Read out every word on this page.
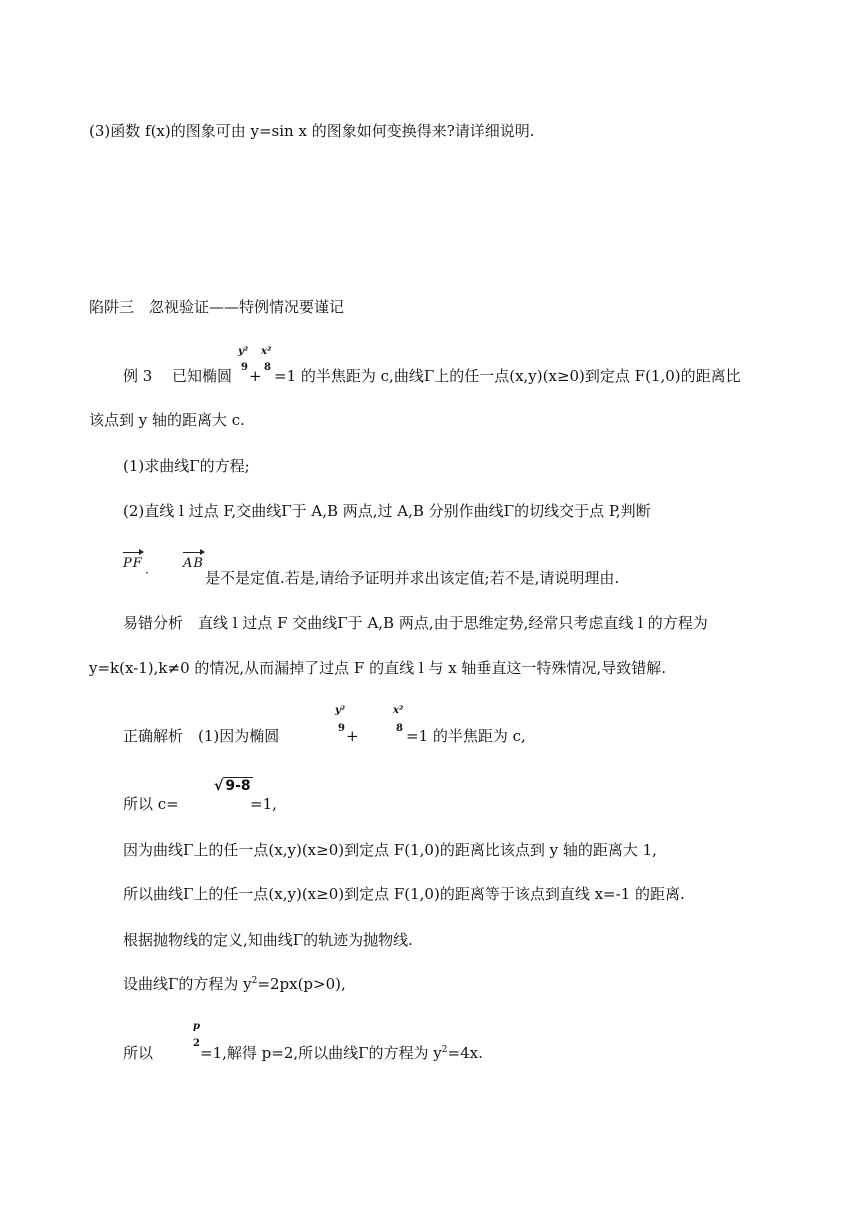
(3)函数 f(x)的图象可由 y=sin x 的图象如何变换得来?请详细说明.
陷阱三　忽视验证——特例情况要谨记
例 3 已知椭圆
y²
9 +
x²
8 =1 的半焦距为 c,曲线Γ上的任一点(x,y)(x≥0)到定点 F(1,0)的距离比
该点到 y 轴的距离大 c.
(1)求曲线Γ的方程;
(2)直线 l 过点 F,交曲线Γ于 A,B 两点,过 A,B 分别作曲线Γ的切线交于点 P,判断
PF
·
AB
是不是定值.若是,请给予证明并求出该定值;若不是,请说明理由.
易错分析　直线 l 过点 F 交曲线Γ于 A,B 两点,由于思维定势,经常只考虑直线 l 的方程为
y=k(x-1),k≠0 的情况,从而漏掉了过点 F 的直线 l 与 x 轴垂直这一特殊情况,导致错解.
正确解析　(1)因为椭圆
y²
9 +
x²
8 =1 的半焦距为 c,
所以 c=
√ 9-8
=1,
因为曲线Γ上的任一点(x,y)(x≥0)到定点 F(1,0)的距离比该点到 y 轴的距离大 1,
所以曲线Γ上的任一点(x,y)(x≥0)到定点 F(1,0)的距离等于该点到直线 x=-1 的距离.
根据抛物线的定义,知曲线Γ的轨迹为抛物线.
设曲线Γ的方程为 $y^2=2px(p>0)$,
所以
p
2
=1,解得 p=2,所以曲线Γ的方程为 $y^2=4x$.
